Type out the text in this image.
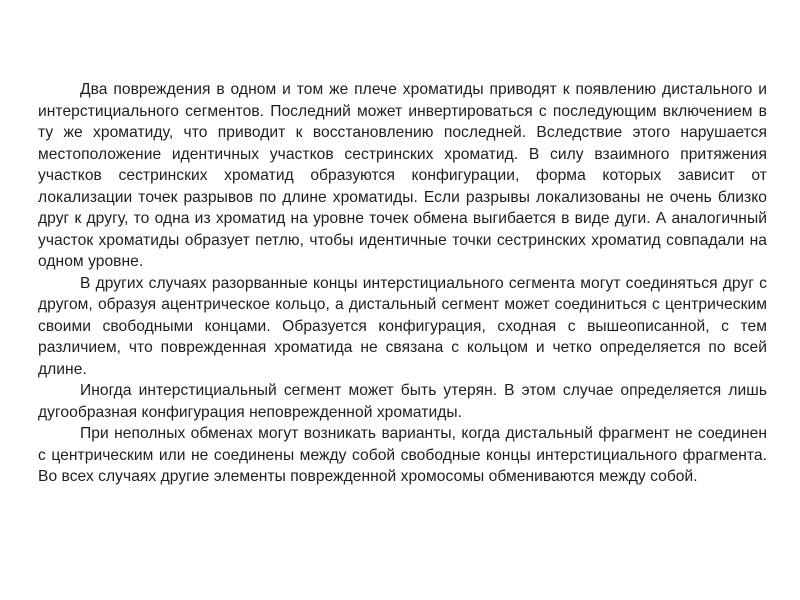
Два повреждения в одном и том же плече хроматиды приводят к появлению дистального и интерстициального сегментов. Последний может инвертироваться с последующим включением в ту же хроматиду, что приводит к восстановлению последней. Вследствие этого нарушается местоположение идентичных участков сестринских хроматид. В силу взаимного притяжения участков сестринских хроматид образуются конфигурации, форма которых зависит от локализации точек разрывов по длине хроматиды. Если разрывы локализованы не очень близко друг к другу, то одна из хроматид на уровне точек обмена выгибается в виде дуги. А аналогичный участок хроматиды образует петлю, чтобы идентичные точки сестринских хроматид совпадали на одном уровне.

В других случаях разорванные концы интерстициального сегмента могут соединяться друг с другом, образуя ацентрическое кольцо, а дистальный сегмент может соединиться с центрическим своими свободными концами. Образуется конфигурация, сходная с вышеописанной, с тем различием, что поврежденная хроматида не связана с кольцом и четко определяется по всей длине.

Иногда интерстициальный сегмент может быть утерян. В этом случае определяется лишь дугообразная конфигурация неповрежденной хроматиды.

При неполных обменах могут возникать варианты, когда дистальный фрагмент не соединен с центрическим или не соединены между собой свободные концы интерстициального фрагмента. Во всех случаях другие элементы поврежденной хромосомы обмениваются между собой.
